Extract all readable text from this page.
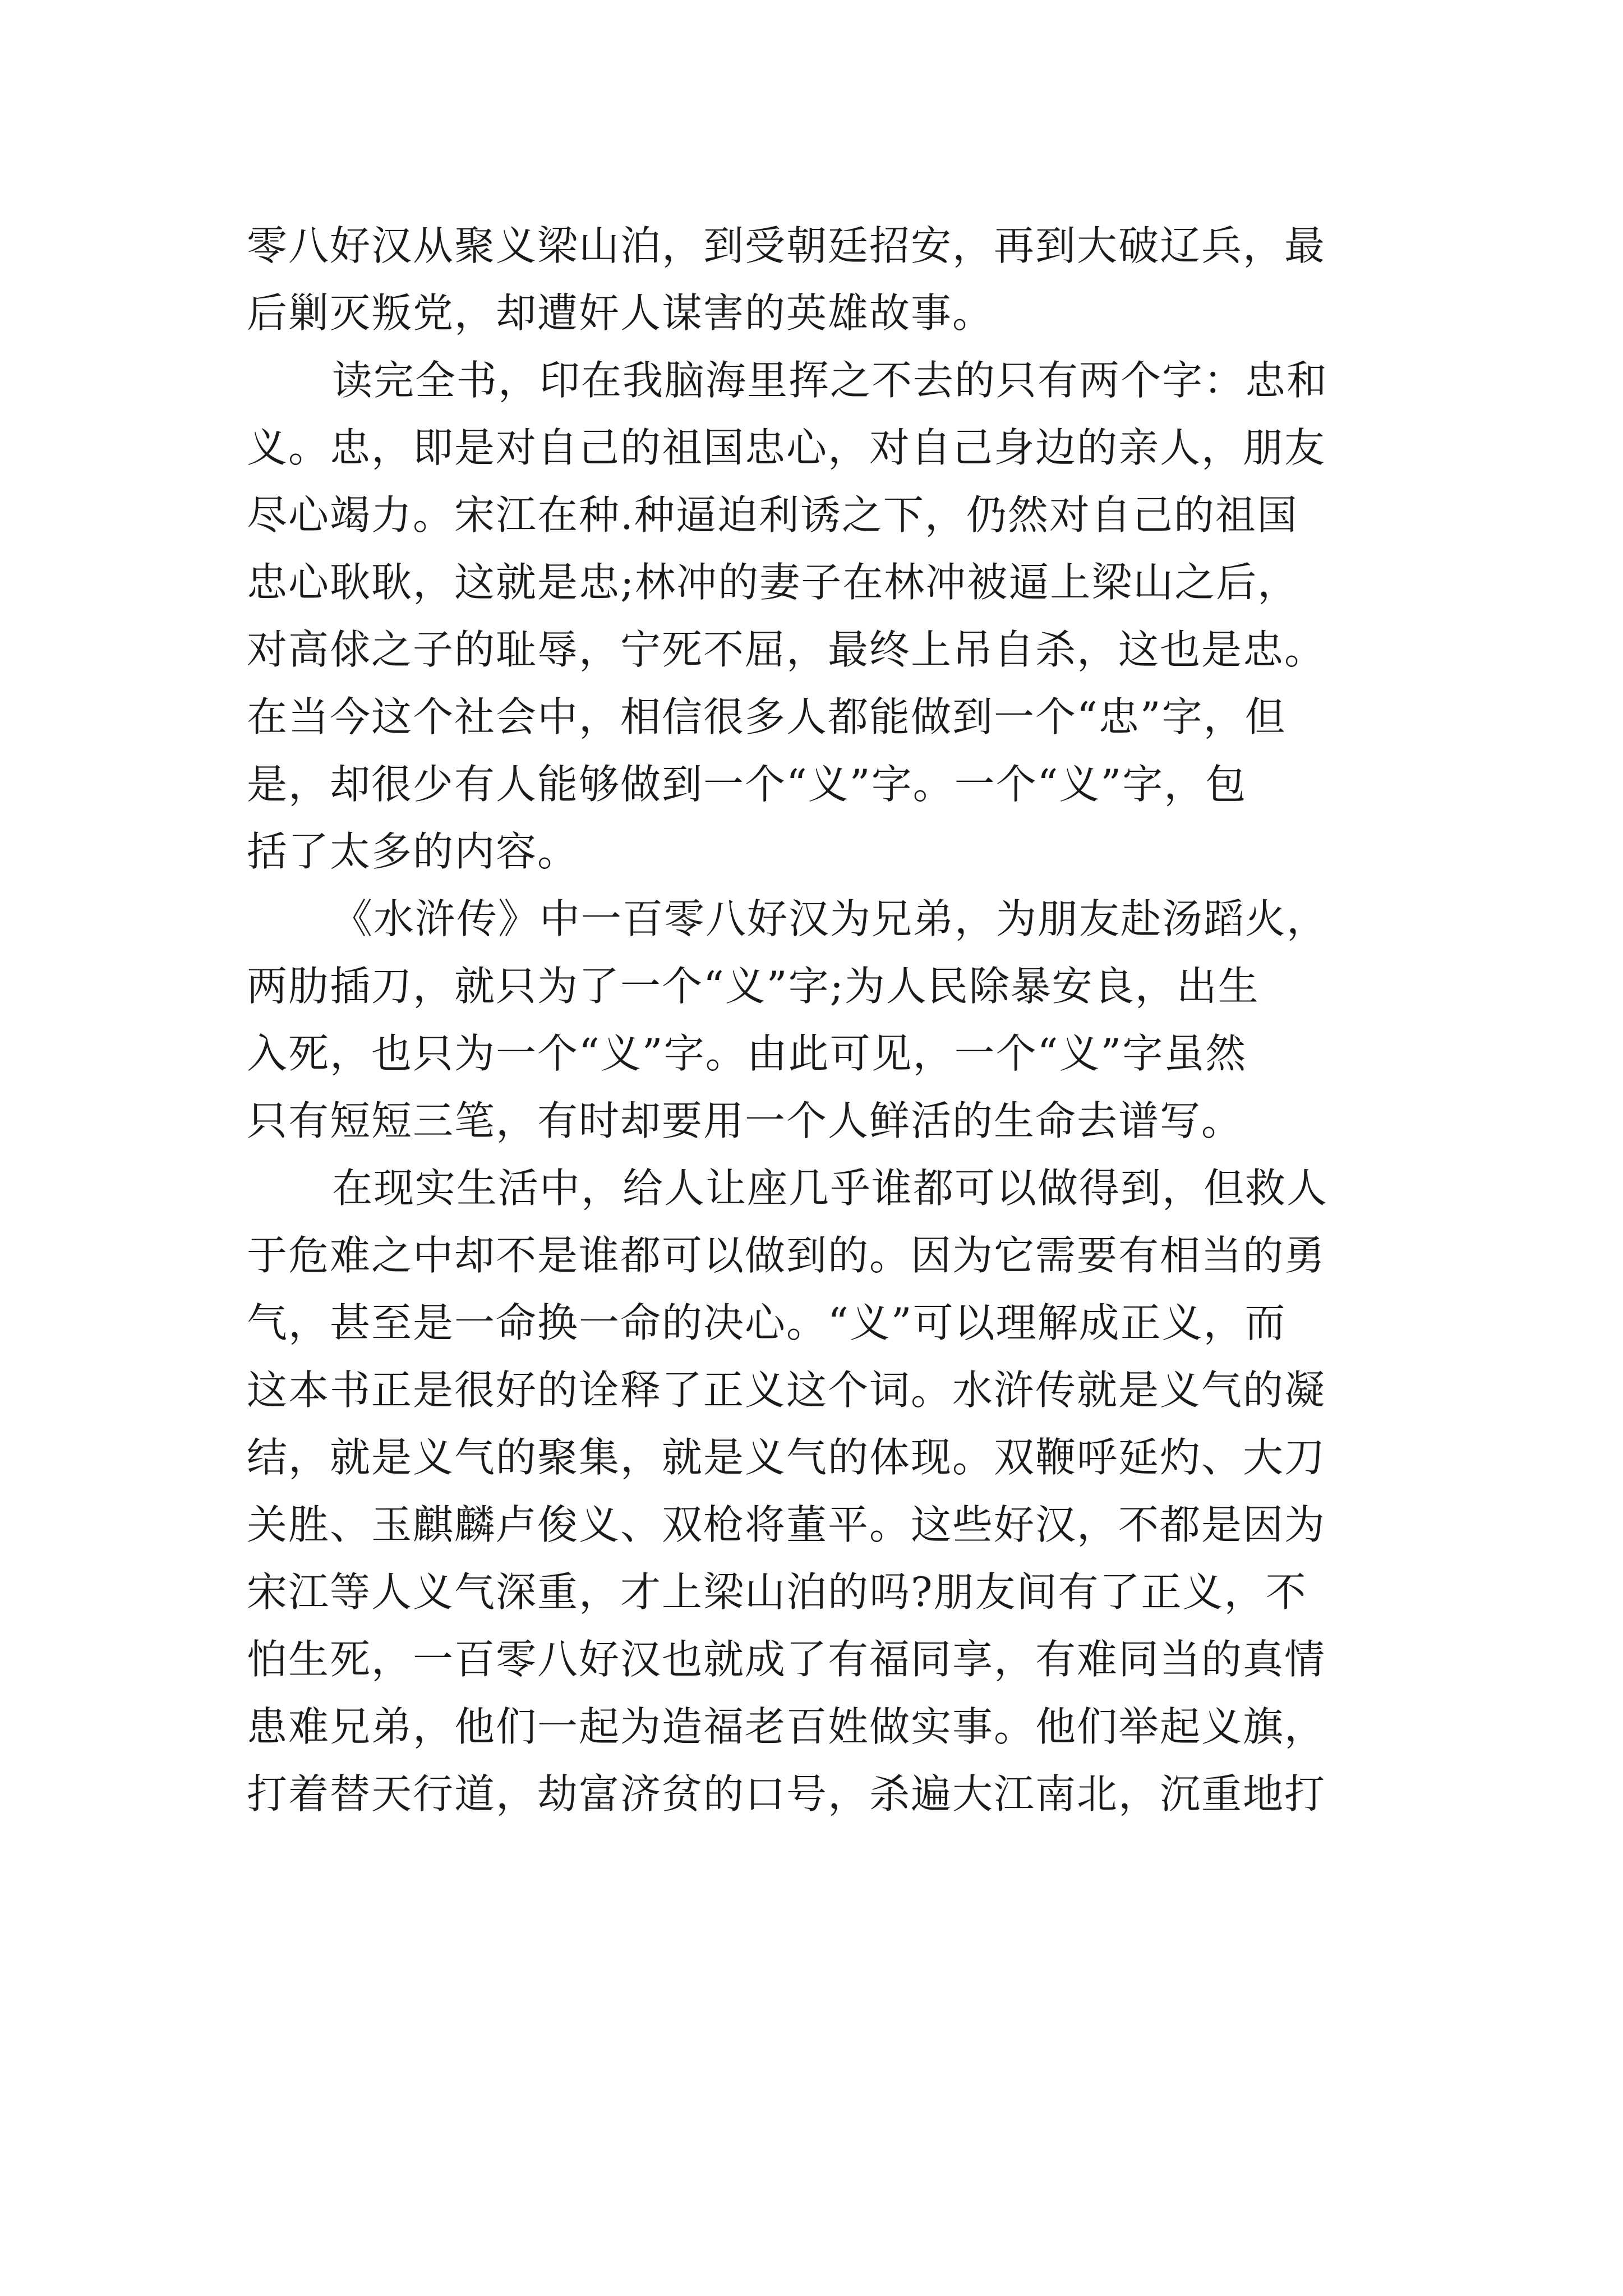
零八好汉从聚义梁山泊，到受朝廷招安，再到大破辽兵，最
后剿灭叛党，却遭奸人谋害的英雄故事。
读完全书，印在我脑海里挥之不去的只有两个字：忠和
义。忠，即是对自己的祖国忠心，对自己身边的亲人，朋友
尽心竭力。宋江在种.种逼迫利诱之下，仍然对自己的祖国
忠心耿耿，这就是忠;林冲的妻子在林冲被逼上梁山之后，
对高俅之子的耻辱，宁死不屈，最终上吊自杀，这也是忠。
在当今这个社会中，相信很多人都能做到一个“忠”字，但
是，却很少有人能够做到一个“义”字。一个“义”字，包
括了太多的内容。
《水浒传》中一百零八好汉为兄弟，为朋友赴汤蹈火，
两肋插刀，就只为了一个“义”字;为人民除暴安良，出生
入死，也只为一个“义”字。由此可见，一个“义”字虽然
只有短短三笔，有时却要用一个人鲜活的生命去谱写。
在现实生活中，给人让座几乎谁都可以做得到，但救人
于危难之中却不是谁都可以做到的。因为它需要有相当的勇
气，甚至是一命换一命的决心。“义”可以理解成正义，而
这本书正是很好的诠释了正义这个词。水浒传就是义气的凝
结，就是义气的聚集，就是义气的体现。双鞭呼延灼、大刀
关胜、玉麒麟卢俊义、双枪将董平。这些好汉，不都是因为
宋江等人义气深重，才上梁山泊的吗?朋友间有了正义，不
怕生死，一百零八好汉也就成了有福同享，有难同当的真情
患难兄弟，他们一起为造福老百姓做实事。他们举起义旗，
打着替天行道，劫富济贫的口号，杀遍大江南北，沉重地打
